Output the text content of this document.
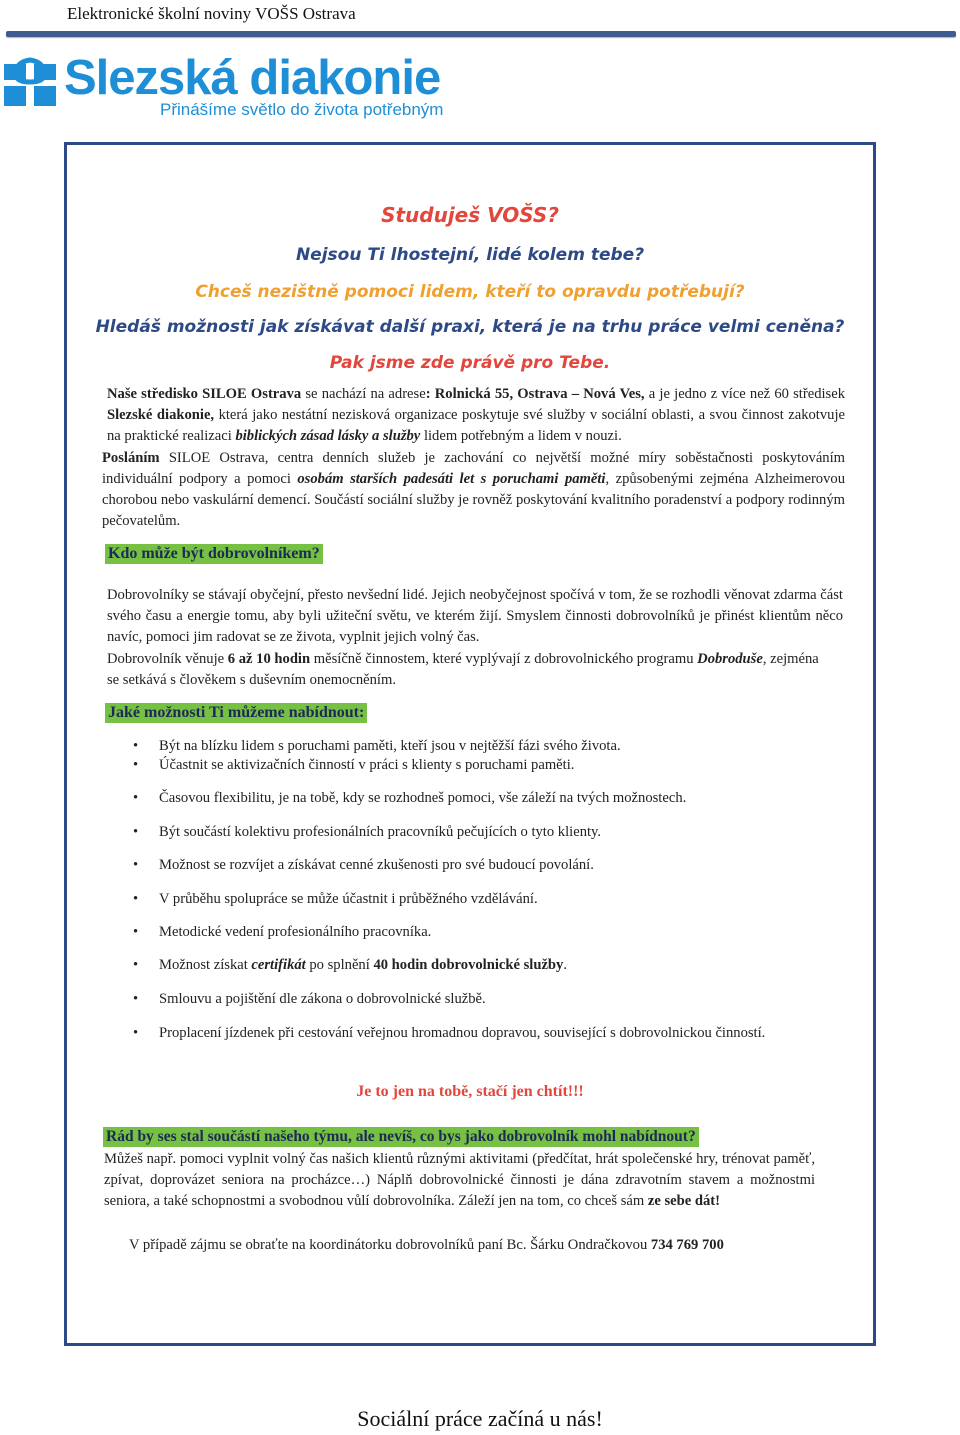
Elektronické školní noviny VOŠS Ostrava
Slezská diakonie
Přinášíme světlo do života potřebným
Studuješ VOŠS?
Nejsou Ti lhostejní, lidé kolem tebe?
Chceš nezištně pomoci lidem, kteří to opravdu potřebují?
Hledáš možnosti jak získávat další praxi, která je na trhu práce velmi ceněna?
Pak jsme zde právě pro Tebe.
Naše středisko SILOE Ostrava se nachází na adrese: Rolnická 55, Ostrava – Nová Ves, a je jedno z více než 60 středisek Slezské diakonie, která jako nestátní nezisková organizace poskytuje své služby v sociální oblasti, a svou činnost zakotvuje na praktické realizaci biblických zásad lásky a služby lidem potřebným a lidem v nouzi.
Posláním SILOE Ostrava, centra denních služeb je zachování co největší možné míry soběstačnosti poskytováním individuální podpory a pomoci osobám starších padesáti let s poruchami paměti, způsobenými zejména Alzheimerovou chorobou nebo vaskulární demencí. Součástí sociální služby je rovněž poskytování kvalitního poradenství a podpory rodinným pečovatelům.
Kdo může být dobrovolníkem?
Dobrovolníky se stávají obyčejní, přesto nevšední lidé. Jejich neobyčejnost spočívá v tom, že se rozhodli věnovat zdarma část svého času a energie tomu, aby byli užiteční světu, ve kterém žijí. Smyslem činnosti dobrovolníků je přinést klientům něco navíc, pomoci jim radovat se ze života, vyplnit jejich volný čas.
Dobrovolník věnuje 6 až 10 hodin měsíčně činnostem, které vyplývají z dobrovolnického programu Dobroduše, zejména se setkává s člověkem s duševním onemocněním.
Jaké možnosti Ti můžeme nabídnout:
• Být na blízku lidem s poruchami paměti, kteří jsou v nejtěžší fázi svého života.
• Účastnit se aktivizačních činností v práci s klienty s poruchami paměti.
• Časovou flexibilitu, je na tobě, kdy se rozhodneš pomoci, vše záleží na tvých možnostech.
• Být součástí kolektivu profesionálních pracovníků pečujících o tyto klienty.
• Možnost se rozvíjet a získávat cenné zkušenosti pro své budoucí povolání.
• V průběhu spolupráce se může účastnit i průběžného vzdělávání.
• Metodické vedení profesionálního pracovníka.
• Možnost získat certifikát po splnění 40 hodin dobrovolnické služby.
• Smlouvu a pojištění dle zákona o dobrovolnické službě.
• Proplacení jízdenek při cestování veřejnou hromadnou dopravou, související s dobrovolnickou činností.
Je to jen na tobě, stačí jen chtít!!!
Rád by ses stal součástí našeho týmu, ale nevíš, co bys jako dobrovolník mohl nabídnout?
Můžeš např. pomoci vyplnit volný čas našich klientů různými aktivitami (předčítat, hrát společenské hry, trénovat paměť, zpívat, doprovázet seniora na procházce…) Náplň dobrovolnické činnosti je dána zdravotním stavem a možnostmi seniora, a také schopnostmi a svobodnou vůlí dobrovolníka. Záleží jen na tom, co chceš sám ze sebe dát!
V případě zájmu se obraťte na koordinátorku dobrovolníků paní Bc. Šárku Ondračkovou 734 769 700
Sociální práce začíná u nás!
